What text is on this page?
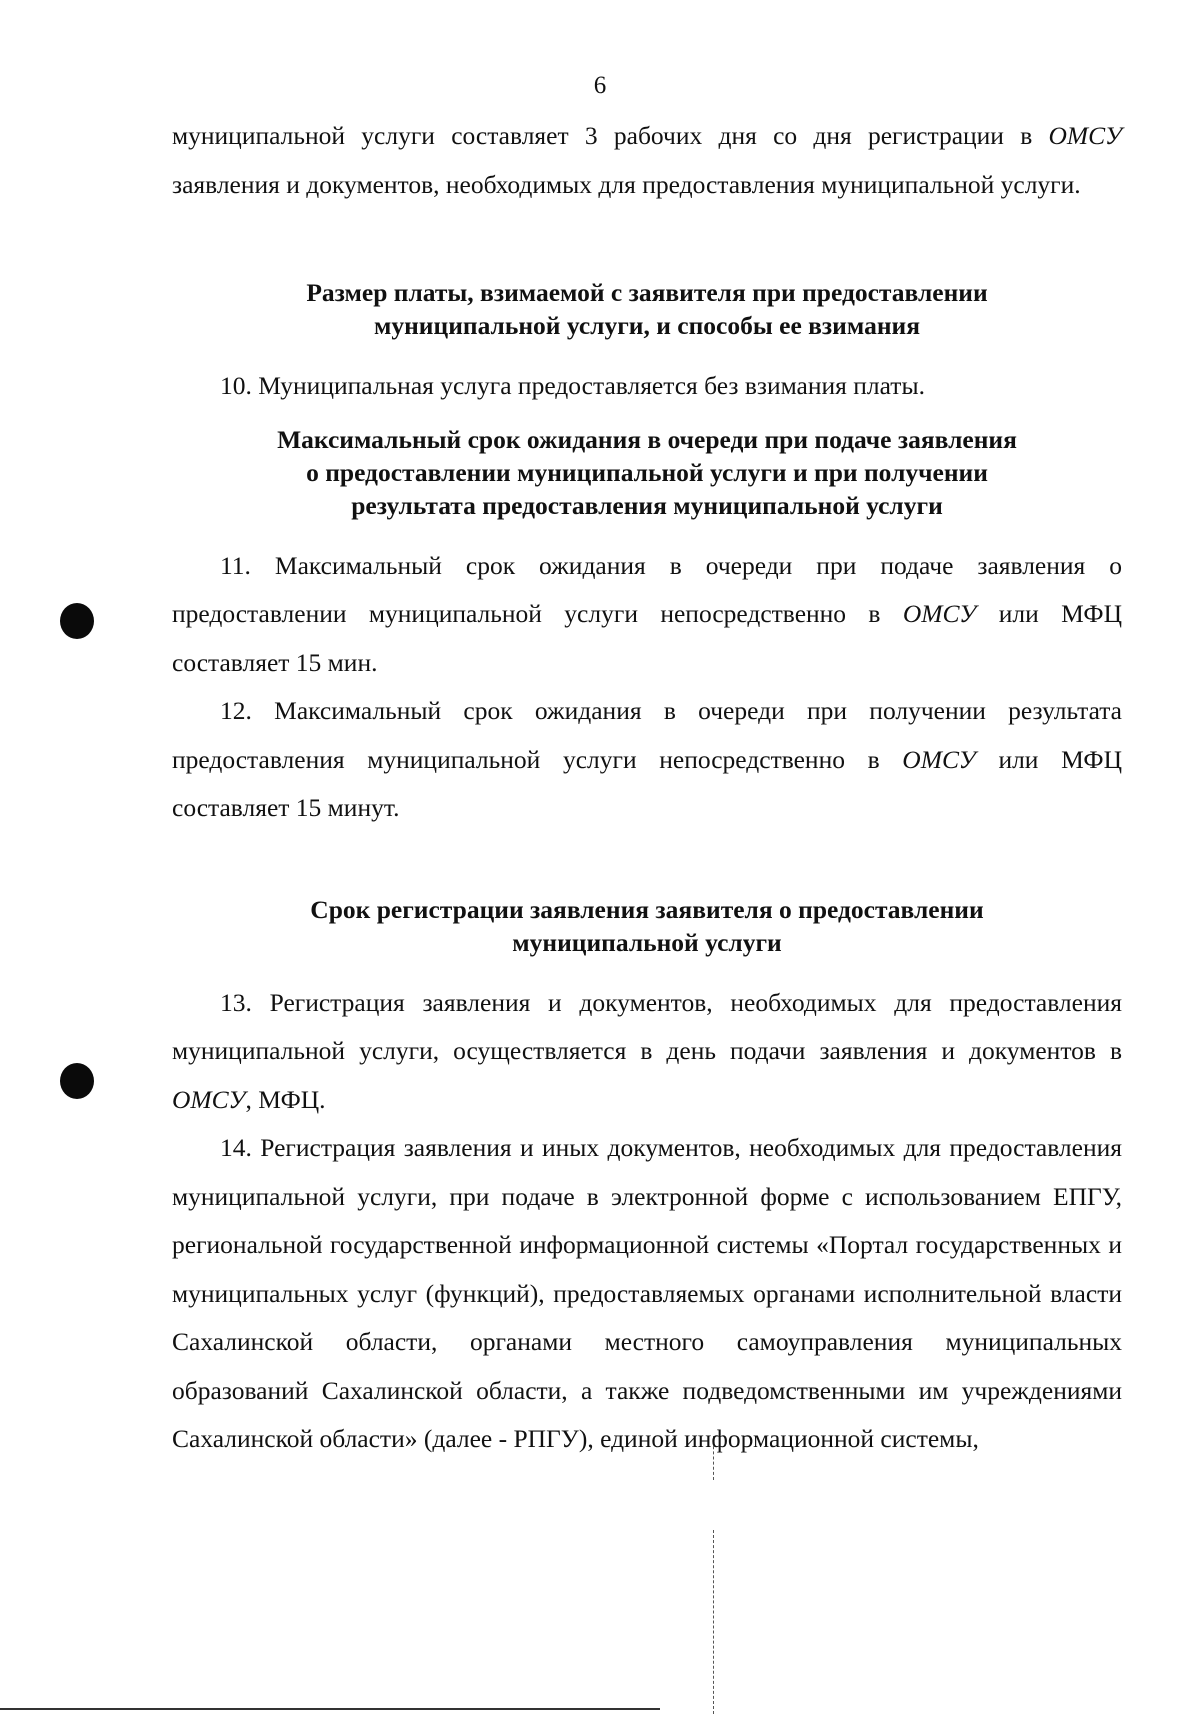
6

муниципальной услуги составляет 3 рабочих дня со дня регистрации в ОМСУ заявления и документов, необходимых для предоставления муниципальной услуги.

Размер платы, взимаемой с заявителя при предоставлении
муниципальной услуги, и способы ее взимания

10. Муниципальная услуга предоставляется без взимания платы.

Максимальный срок ожидания в очереди при подаче заявления
о предоставлении муниципальной услуги и при получении
результата предоставления муниципальной услуги

11. Максимальный срок ожидания в очереди при подаче заявления о предоставлении муниципальной услуги непосредственно в ОМСУ или МФЦ составляет 15 мин.

12. Максимальный срок ожидания в очереди при получении результата предоставления муниципальной услуги непосредственно в ОМСУ или МФЦ составляет 15 минут.

Срок регистрации заявления заявителя о предоставлении
муниципальной услуги

13. Регистрация заявления и документов, необходимых для предоставления муниципальной услуги, осуществляется в день подачи заявления и документов в ОМСУ, МФЦ.

14. Регистрация заявления и иных документов, необходимых для предоставления муниципальной услуги, при подаче в электронной форме с использованием ЕПГУ, региональной государственной информационной системы «Портал государственных и муниципальных услуг (функций), предоставляемых органами исполнительной власти Сахалинской области, органами местного самоуправления муниципальных образований Сахалинской области, а также подведомственными им учреждениями Сахалинской области» (далее - РПГУ), единой информационной системы,
